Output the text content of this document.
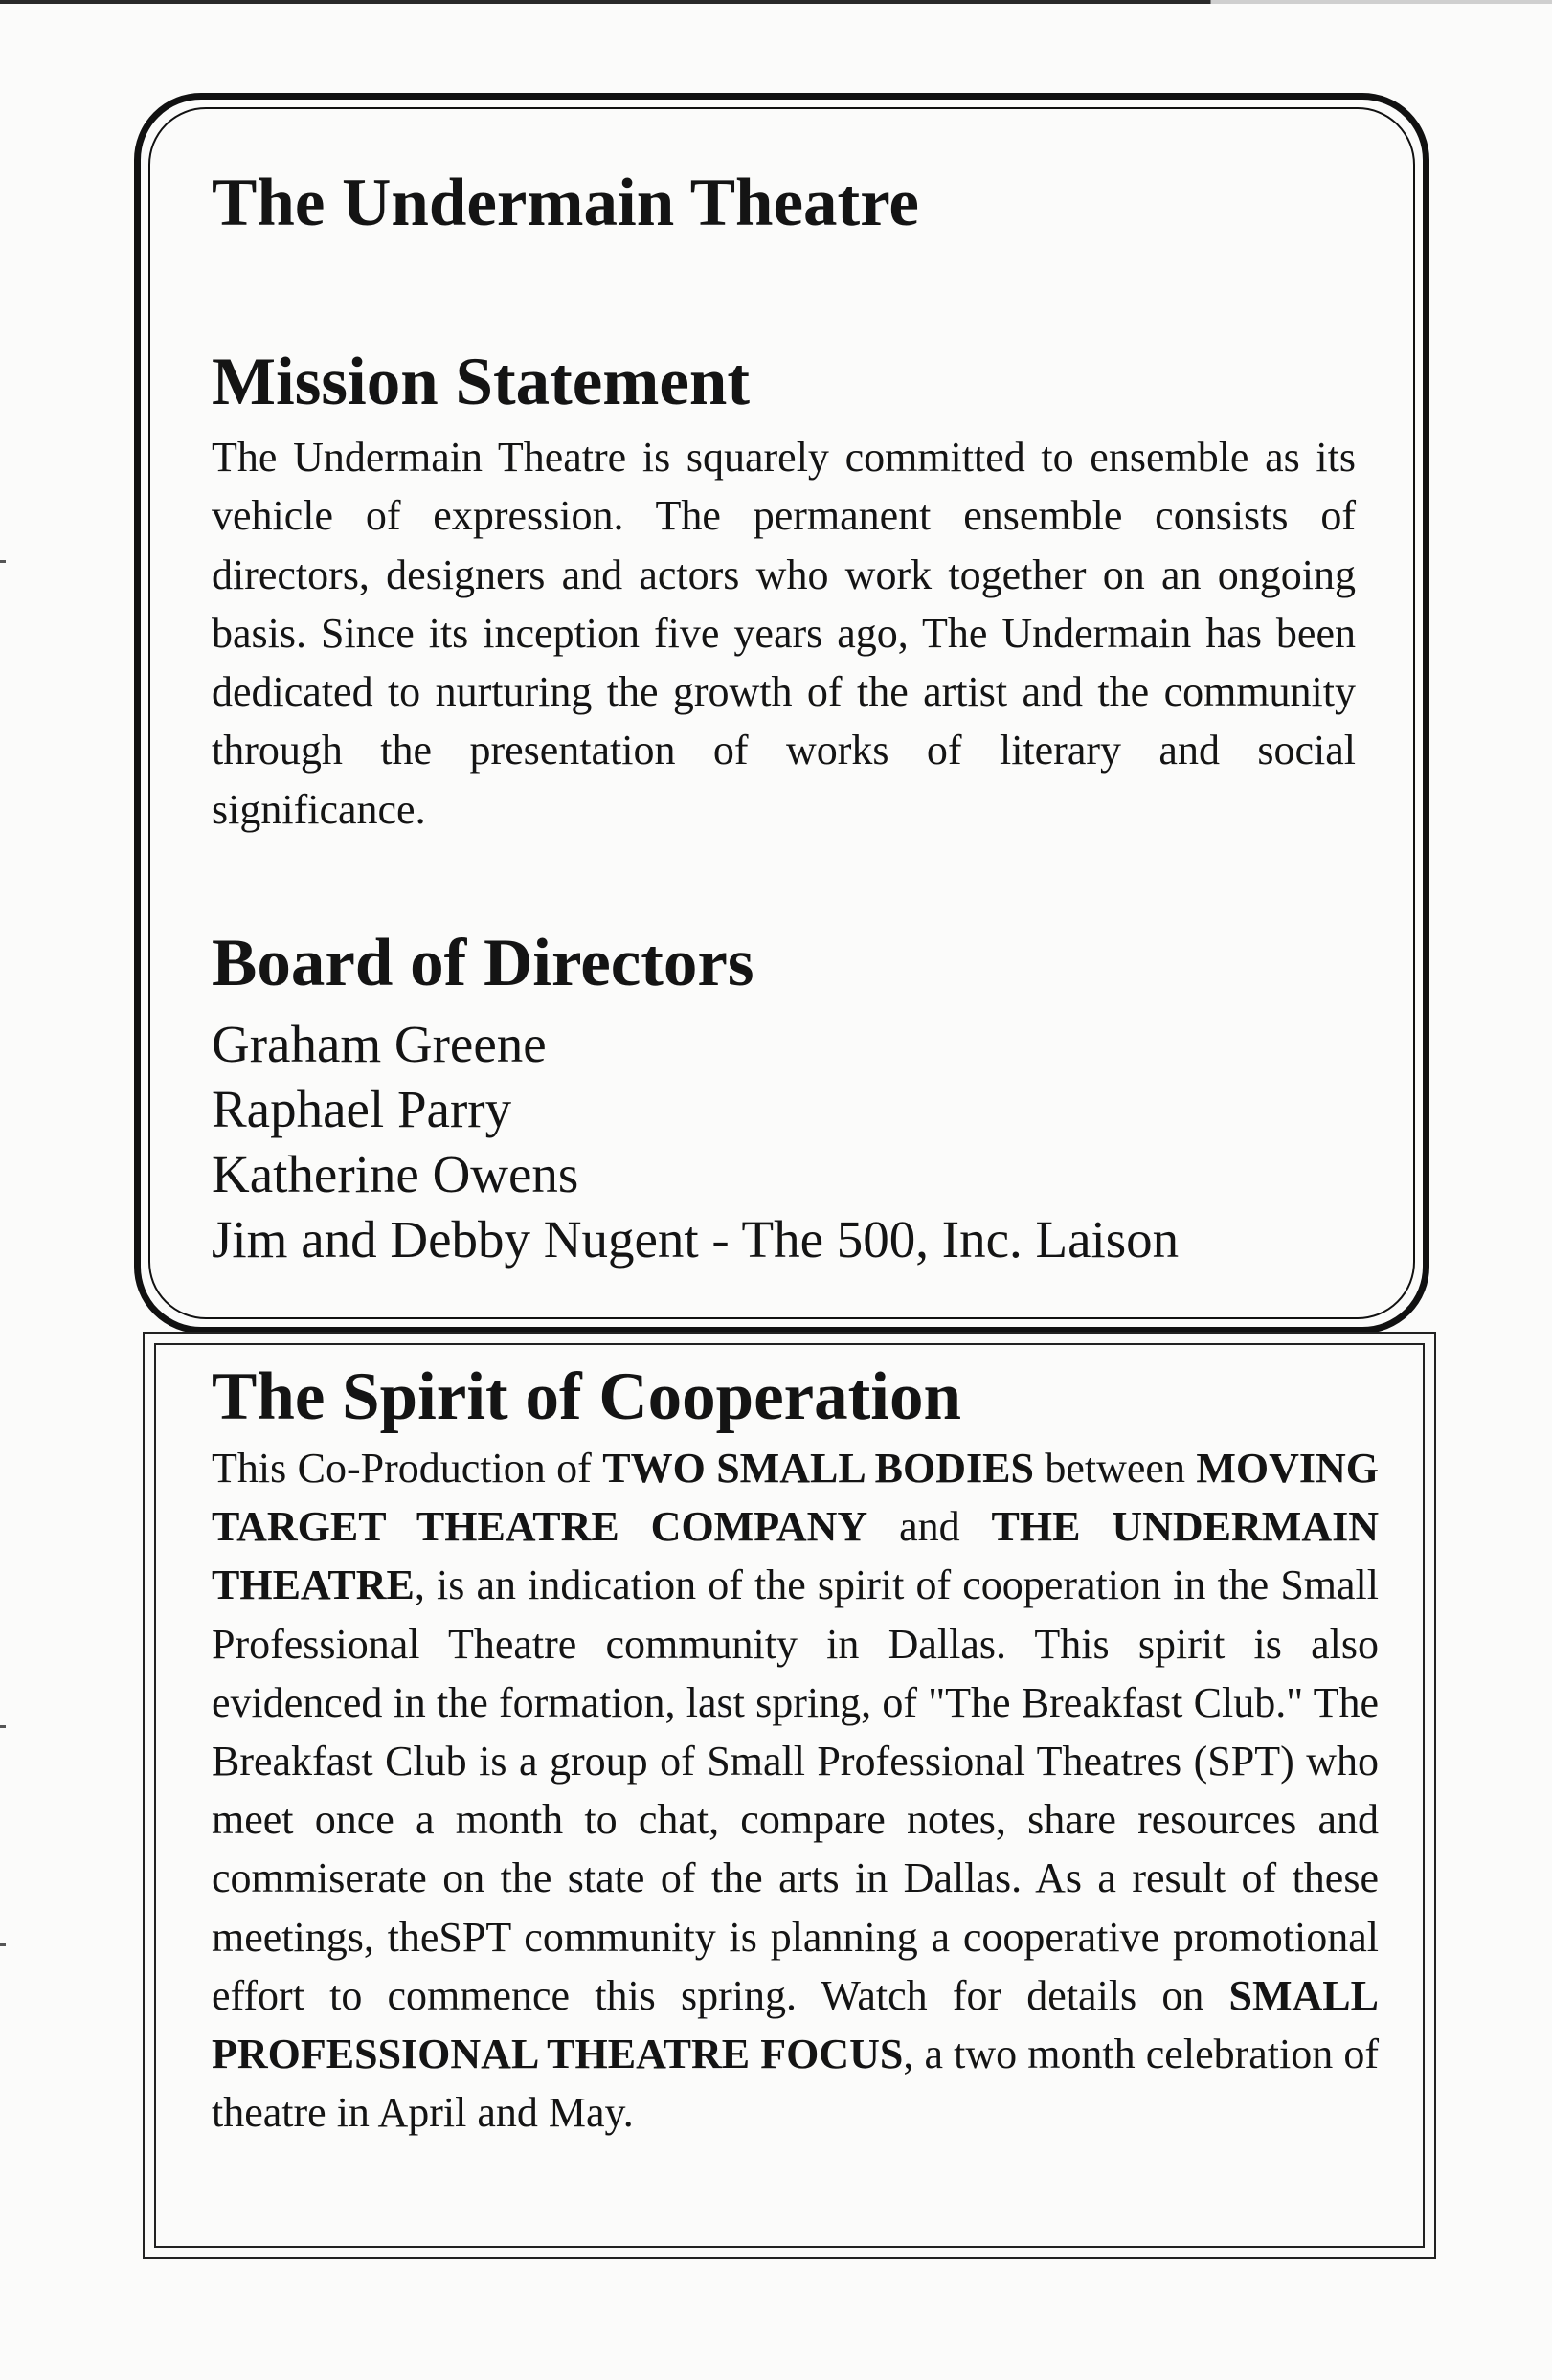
The Undermain Theatre
Mission Statement

The Undermain Theatre is squarely committed to ensemble as its vehicle of expression. The permanent ensemble consists of directors, designers and actors who work together on an ongoing basis. Since its inception five years ago, The Undermain has been dedicated to nurturing the growth of the artist and the community through the presentation of works of literary and social significance.

Board of Directors
Graham Greene
Raphael Parry
Katherine Owens
Jim and Debby Nugent - The 500, Inc. Laison
The Spirit of Cooperation

This Co-Production of TWO SMALL BODIES between MOVING TARGET THEATRE COMPANY and THE UNDERMAIN THEATRE, is an indication of the spirit of cooperation in the Small Professional Theatre community in Dallas. This spirit is also evidenced in the formation, last spring, of "The Breakfast Club." The Breakfast Club is a group of Small Professional Theatres (SPT) who meet once a month to chat, compare notes, share resources and commiserate on the state of the arts in Dallas. As a result of these meetings, theSPT community is planning a cooperative promotional effort to commence this spring. Watch for details on SMALL PROFESSIONAL THEATRE FOCUS, a two month celebration of theatre in April and May.
